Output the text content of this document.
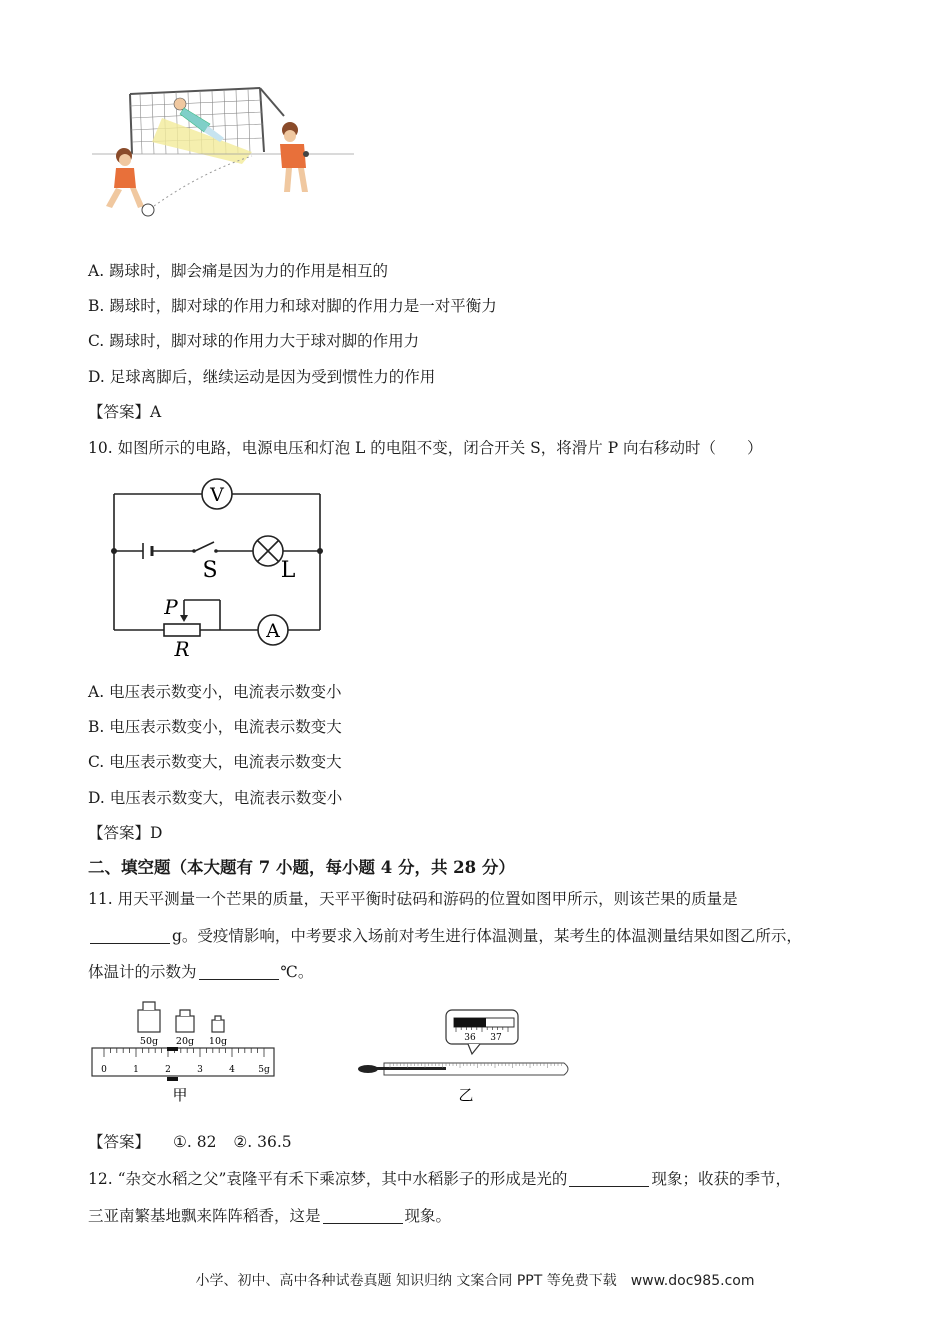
A. 踢球时，脚会痛是因为力的作用是相互的
B. 踢球时，脚对球的作用力和球对脚的作用力是一对平衡力
C. 踢球时，脚对球的作用力大于球对脚的作用力
D. 足球离脚后，继续运动是因为受到惯性力的作用
【答案】A
10. 如图所示的电路，电源电压和灯泡 L 的电阻不变，闭合开关 S，将滑片 P 向右移动时（　　）
V
A
S	L
P
R
A. 电压表示数变小，电流表示数变小
B. 电压表示数变小，电流表示数变大
C. 电压表示数变大，电流表示数变大
D. 电压表示数变大，电流表示数变小
【答案】D
二、填空题（本大题有 7 小题，每小题 4 分，共 28 分）
11. 用天平测量一个芒果的质量，天平平衡时砝码和游码的位置如图甲所示，则该芒果的质量是
g。受疫情影响，中考要求入场前对考生进行体温测量，某考生的体温测量结果如图乙所示，
体温计的示数为	℃。
50g 20g 10g
0	1	2	3	4	5g
甲
36 37
乙
【答案】 ①. 82 ②. 36.5
12. “杂交水稻之父”袁隆平有禾下乘凉梦，其中水稻影子的形成是光的	现象；收获的季节，
三亚南繁基地飘来阵阵稻香，这是	现象。
小学、初中、高中各种试卷真题 知识归纳 文案合同 PPT 等免费下载　www.doc985.com
